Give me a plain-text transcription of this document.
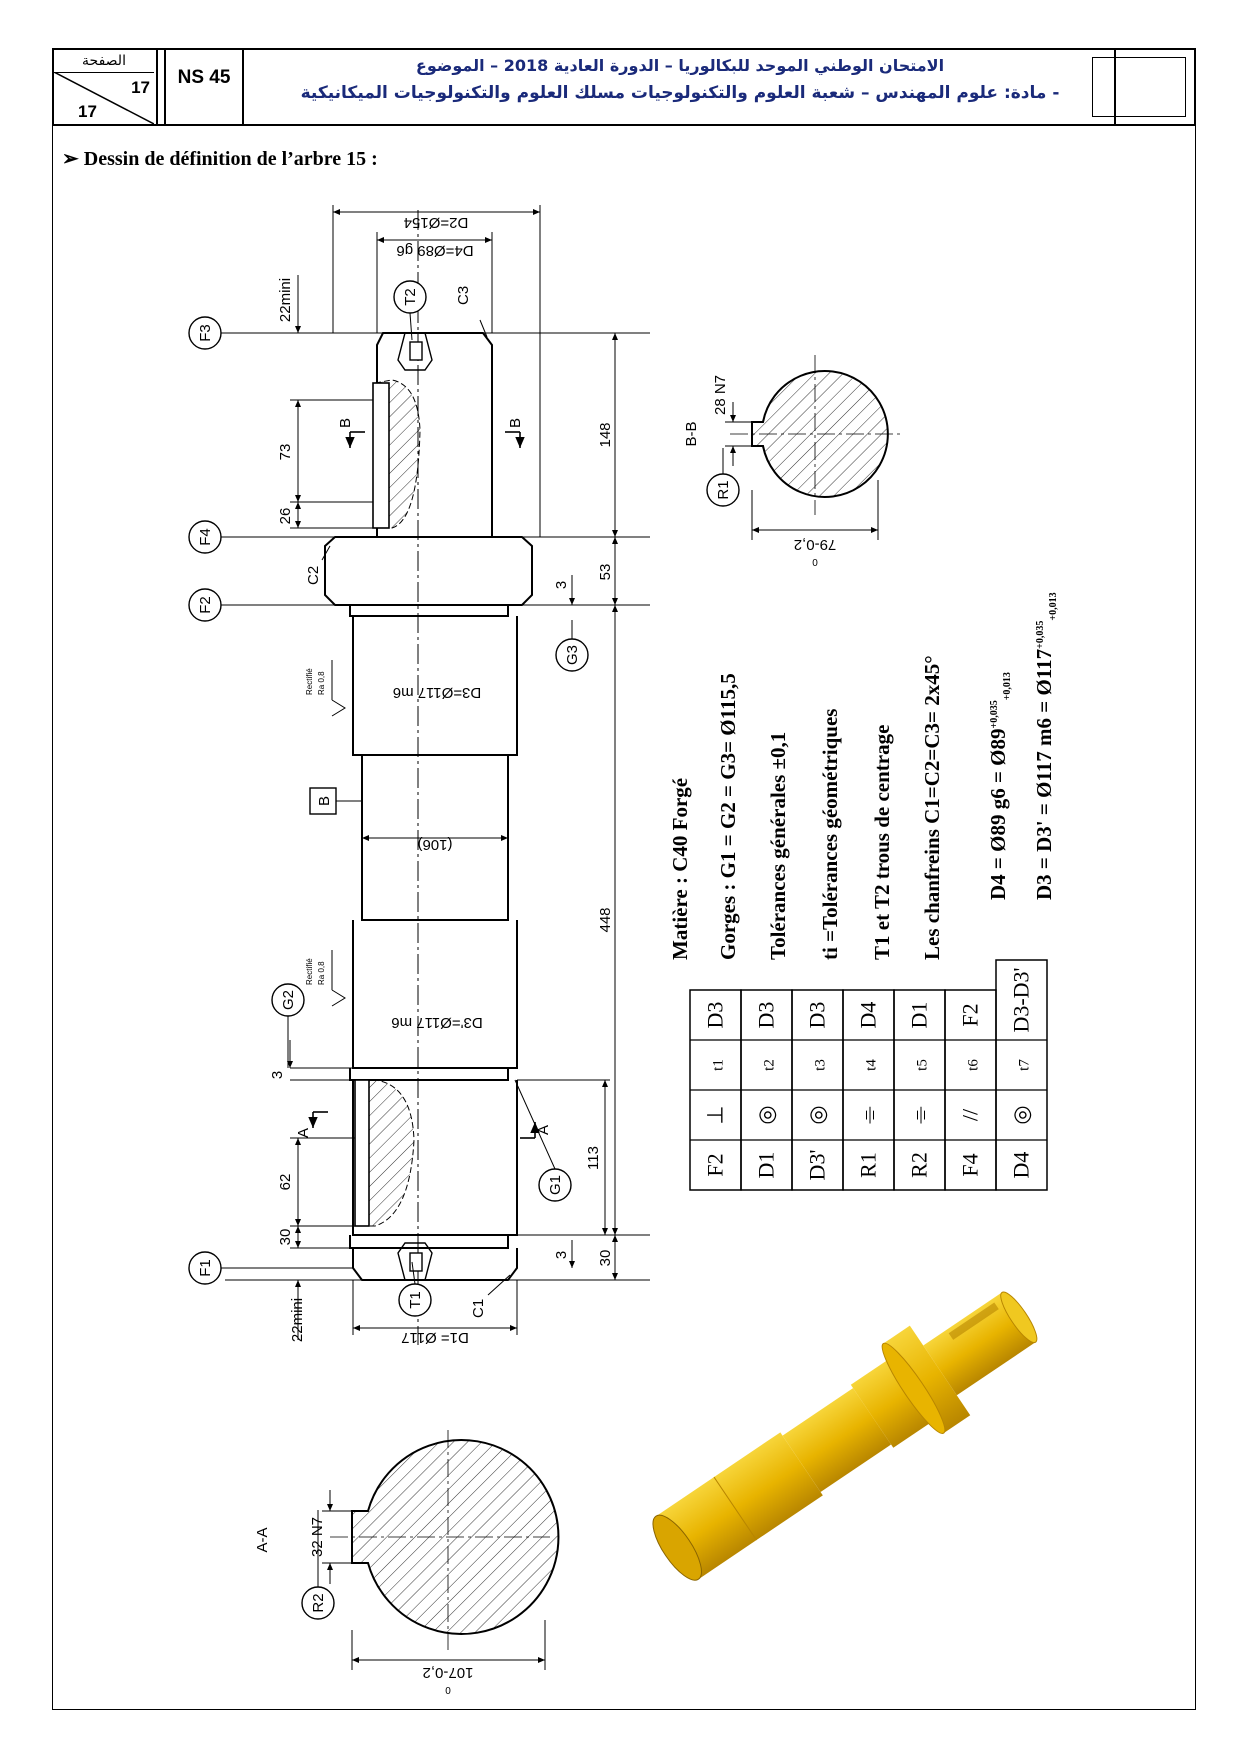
الصفحة
17
17
NS 45
الامتحان الوطني الموحد للبكالوريا – الدورة العادية 2018 – الموضوع
- مادة: علوم المهندس – شعبة العلوم والتكنولوجيات مسلك العلوم والتكنولوجيات الميكانيكية
➢ Dessin de définition de l’arbre 15 :
F2
⊥
t1
D3
D1
◎
t2
D3
D3'
◎
t3
D3
R1
⌯
t4
D4
R2
⌯
t5
D1
F4
//
t6
F2
D4
◎
t7
D3-D3'
F3
F4
F2
F1
T2
T1
G3
G2
G1
R1
R2
C3
C2
C1
B
B	B
A	A
A-A
B-B
D2=Ø154
D4=Ø89 g6
D3=Ø117 m6
D3'=Ø117 m6
(106)
D1= Ø117
22mini
22mini
73
26
148
53
3
448
3
62
30
113
3 30
32 N7
28 N7
107-0,2
0
79-0,2
0
Rectifié Ra 0,8
Rectifié Ra 0,8
Matière : C40 Forgé Gorges : G1 = G2 = G3= Ø115,5 Tolérances générales ±0,1 ti =Tolérances géométriques T1 et T2 trous de centrage Les chanfreins C1=C2=C3= 2x45° D4 = Ø89 $g6 = Ø89^{+0,035}_{+0,013}$ D3 = D3' = Ø117 $m6 = Ø117^{+0,035}_{+0,013}$
